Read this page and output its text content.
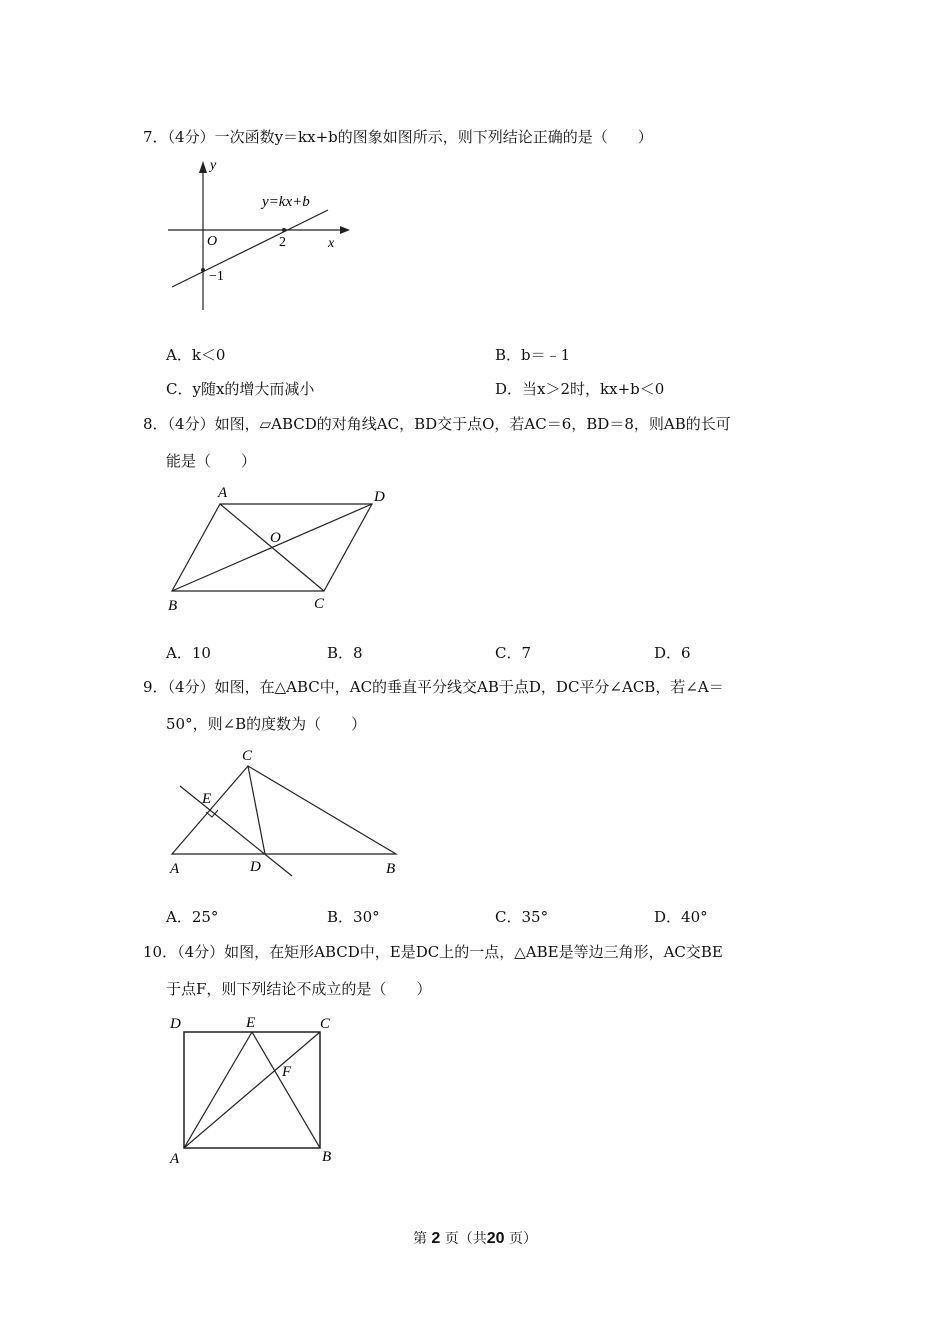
7．（4分）一次函数y＝kx+b的图象如图所示，则下列结论正确的是（　　）
y
x
O	2
−1
y=kx+b
A．k＜0	B．b＝﹣1
C．y随x的增大而减小	D．当x＞2时，kx+b＜0
8．（4分）如图，▱ABCD的对角线AC，BD交于点O，若AC＝6，BD＝8，则AB的长可
能是（　　）
A	D
O
B	C
A．10	B．8	C．7	D．6
9．（4分）如图，在△ABC中，AC的垂直平分线交AB于点D，DC平分∠ACB，若∠A＝
50°，则∠B的度数为（　　）
C
E
A	D	B
A．25°	B．30°	C．35°	D．40°
10．（4分）如图，在矩形ABCD中，E是DC上的一点，△ABE是等边三角形，AC交BE
于点F，则下列结论不成立的是（　　）
D	E	C
F
A	B
第 2 页（共20 页）
